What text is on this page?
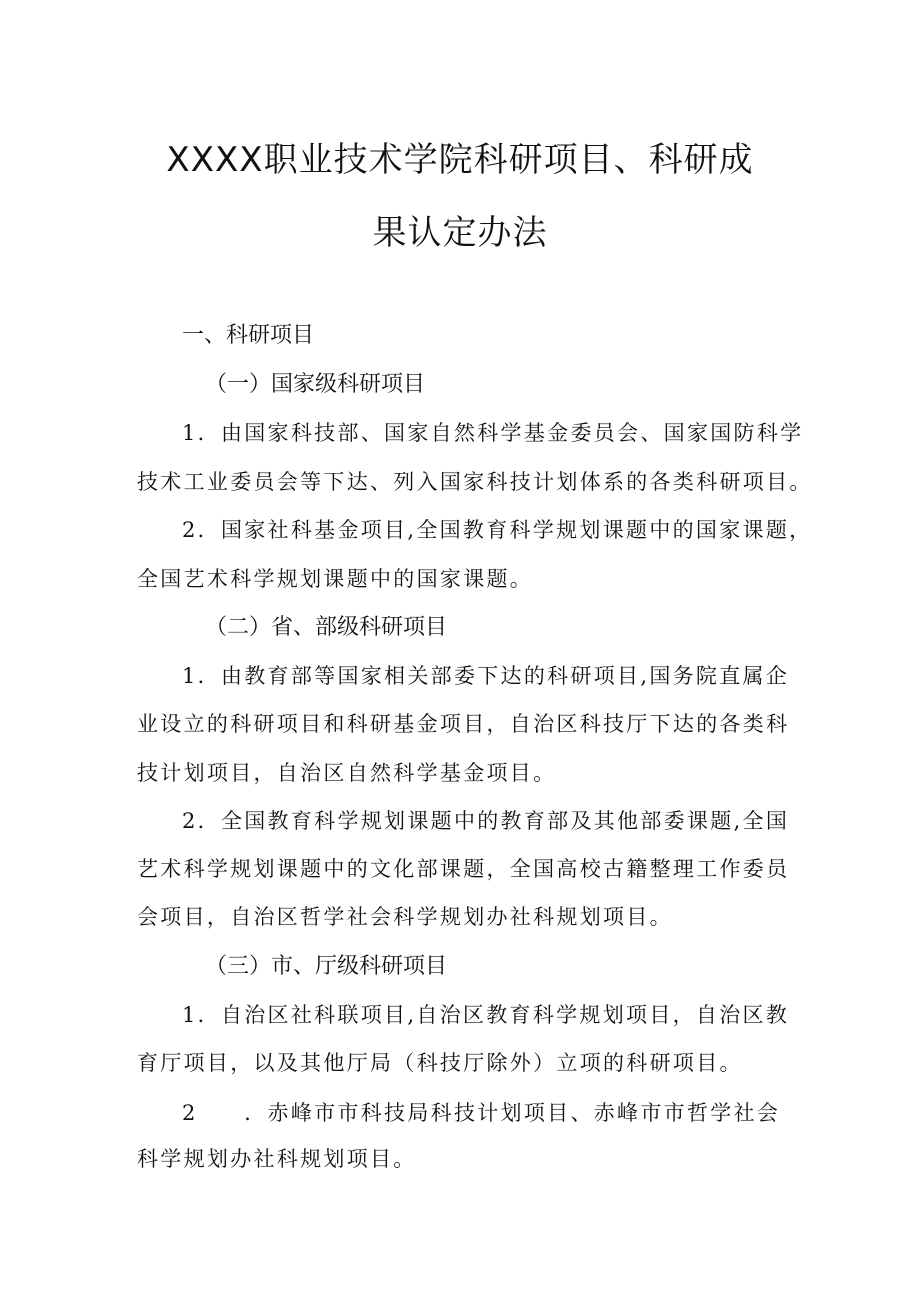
XXXX职业技术学院科研项目、科研成
果认定办法
一、科研项目
（一）国家级科研项目
1．由国家科技部、国家自然科学基金委员会、国家国防科学
技术工业委员会等下达、列入国家科技计划体系的各类科研项目。
2．国家社科基金项目,全国教育科学规划课题中的国家课题，
全国艺术科学规划课题中的国家课题。
（二）省、部级科研项目
1．由教育部等国家相关部委下达的科研项目,国务院直属企
业设立的科研项目和科研基金项目，自治区科技厅下达的各类科
技计划项目，自治区自然科学基金项目。
2．全国教育科学规划课题中的教育部及其他部委课题,全国
艺术科学规划课题中的文化部课题，全国高校古籍整理工作委员
会项目，自治区哲学社会科学规划办社科规划项目。
（三）市、厅级科研项目
1．自治区社科联项目,自治区教育科学规划项目，自治区教
育厅项目，以及其他厅局（科技厅除外）立项的科研项目。
2　　．赤峰市市科技局科技计划项目、赤峰市市哲学社会
科学规划办社科规划项目。
